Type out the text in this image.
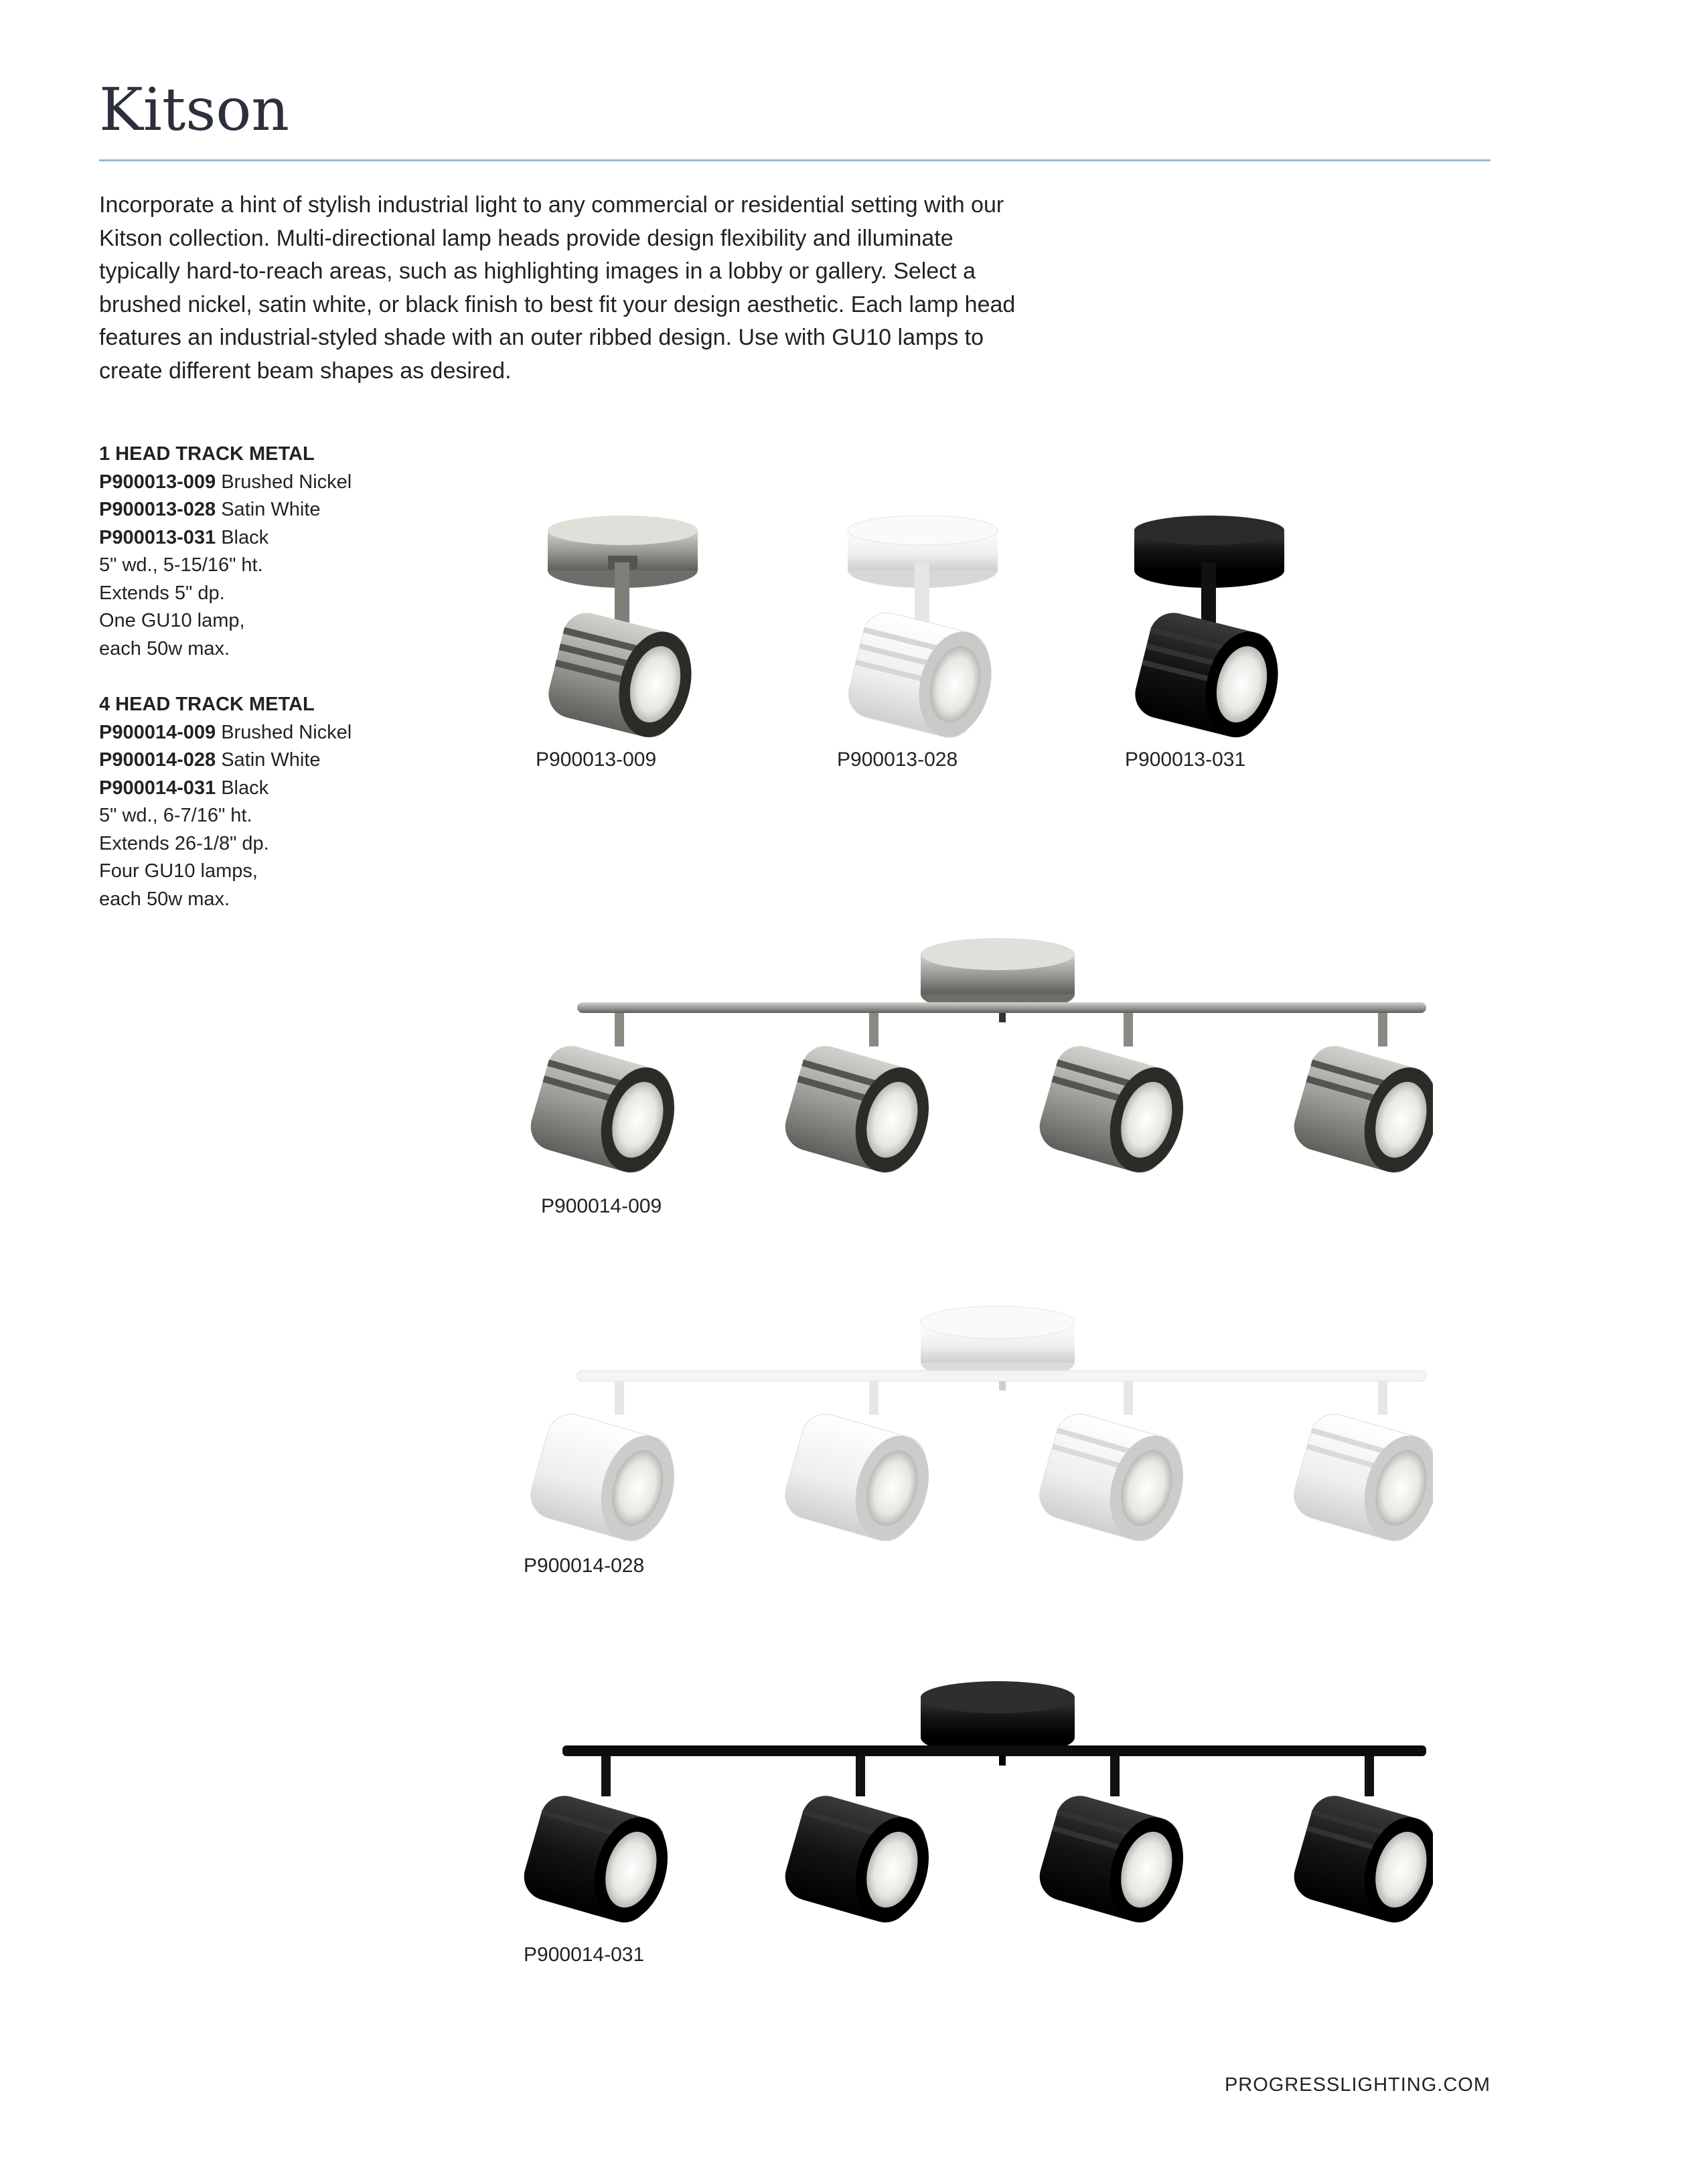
Kitson

Incorporate a hint of stylish industrial light to any commercial or residential setting with our Kitson collection. Multi-directional lamp heads provide design flexibility and illuminate typically hard-to-reach areas, such as highlighting images in a lobby or gallery. Select a brushed nickel, satin white, or black finish to best fit your design aesthetic. Each lamp head features an industrial-styled shade with an outer ribbed design. Use with GU10 lamps to create different beam shapes as desired.

1 HEAD TRACK METAL
P900013-009 Brushed Nickel
P900013-028 Satin White
P900013-031 Black
5" wd., 5-15/16" ht.
Extends 5" dp.
One GU10 lamp,
each 50w max.
4 HEAD TRACK METAL
P900014-009 Brushed Nickel
P900014-028 Satin White
P900014-031 Black
5" wd., 6-7/16" ht.
Extends 26-1/8" dp.
Four GU10 lamps,
each 50w max.
P900013-009	P900013-028	P900013-031
P900014-009
P900014-028
P900014-031
PROGRESSLIGHTING.COM
